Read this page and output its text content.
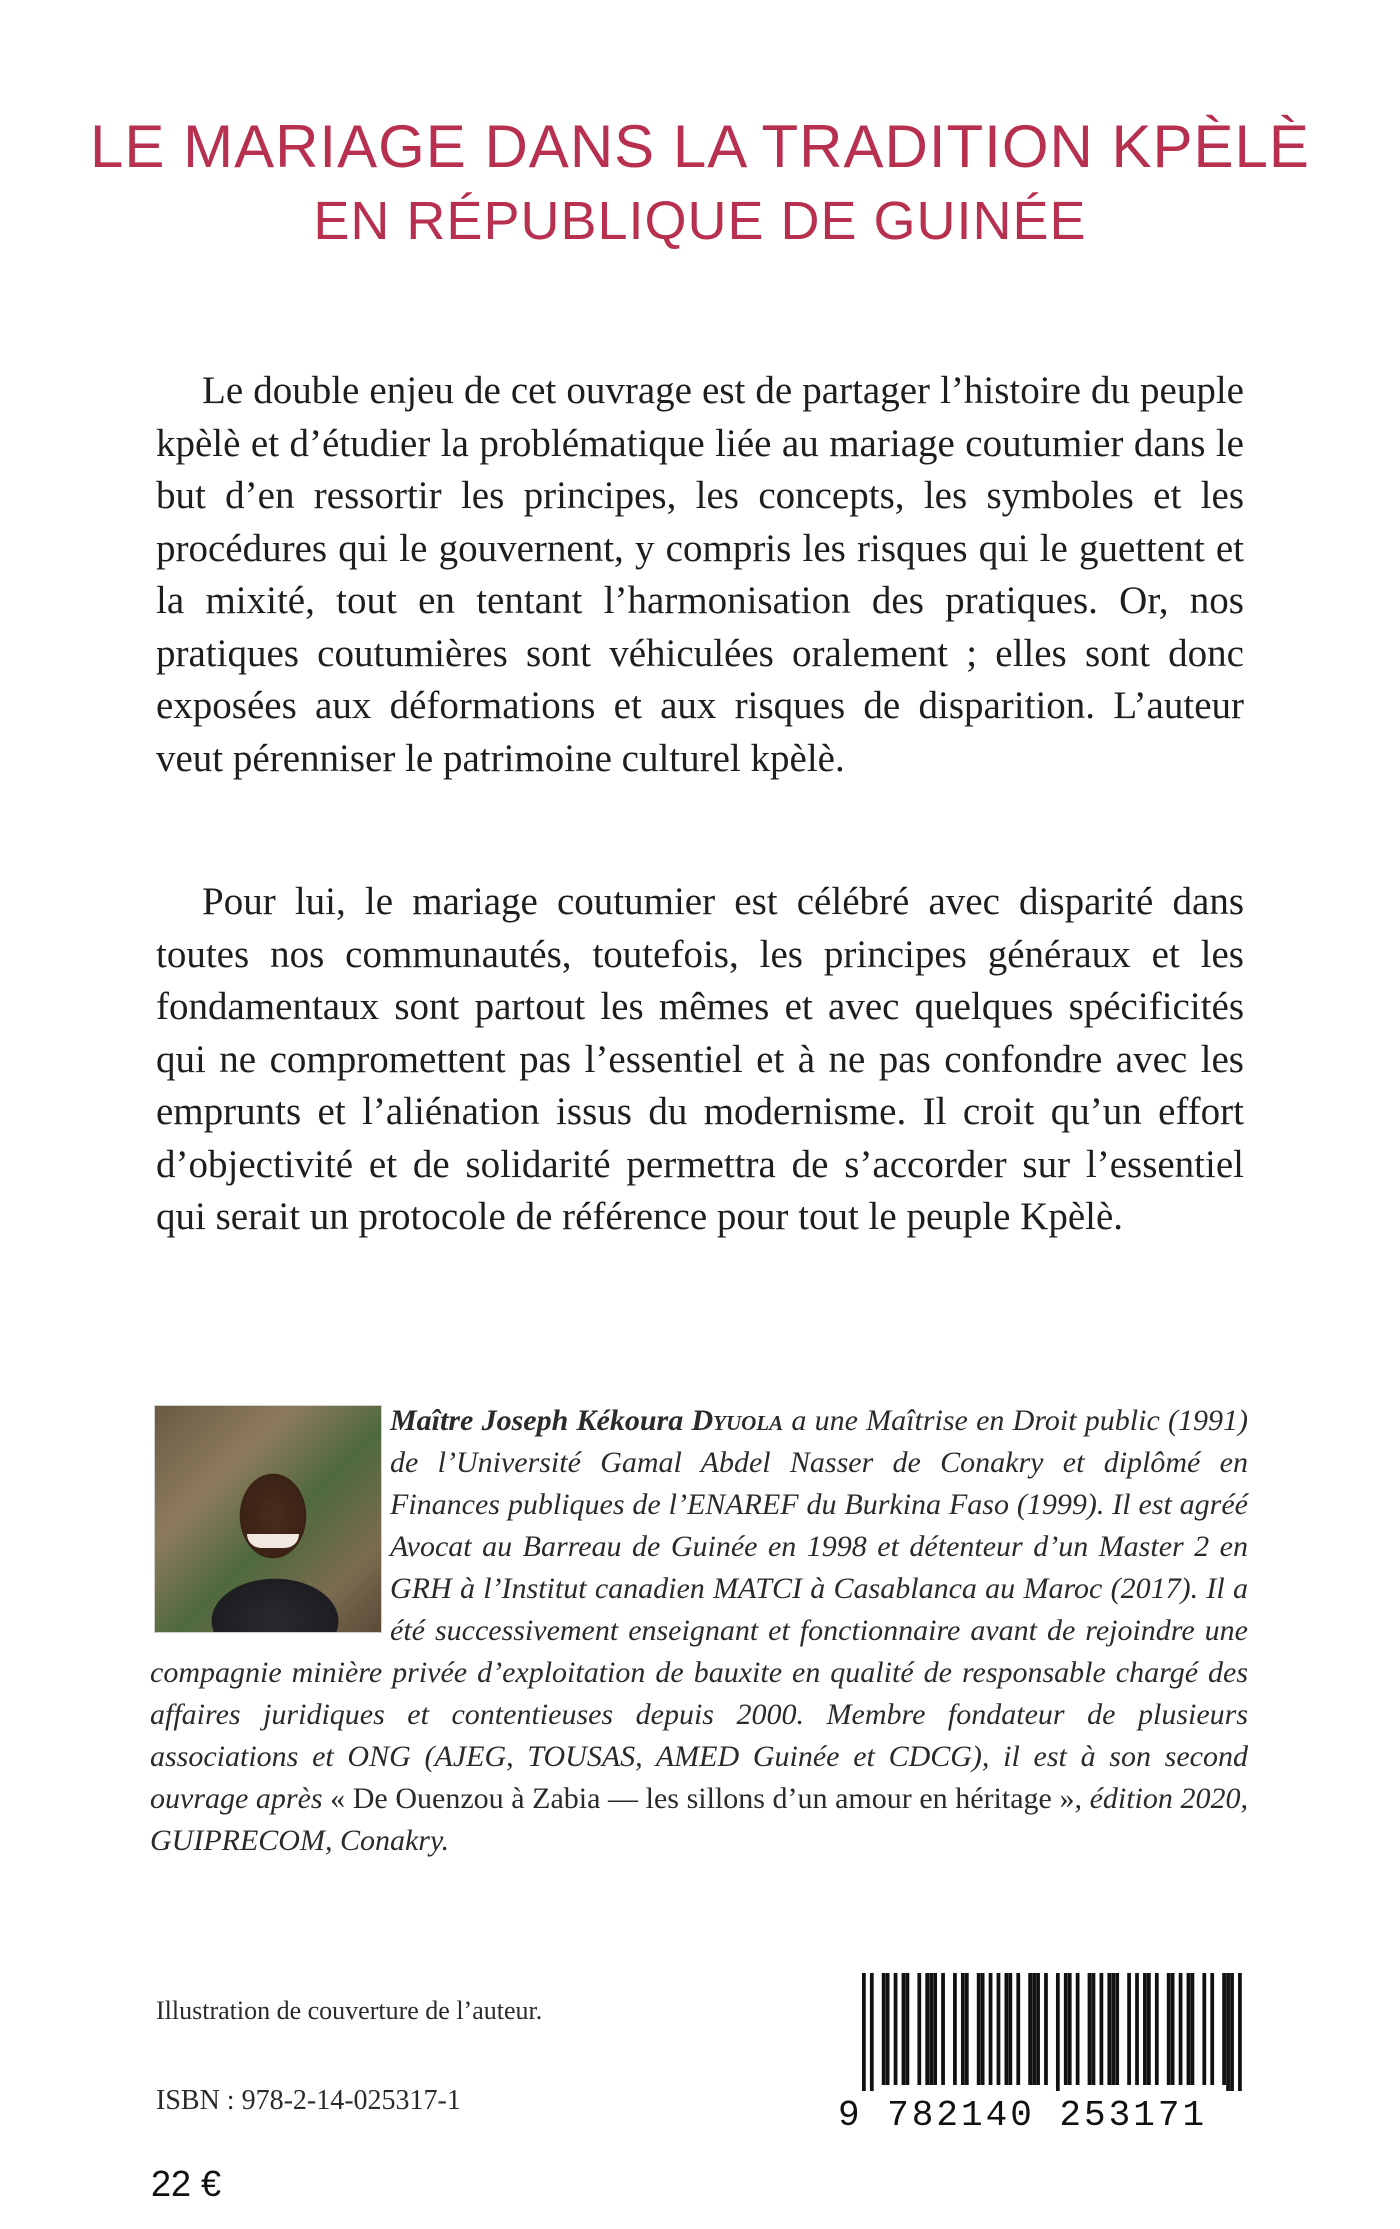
LE MARIAGE DANS LA TRADITION KPÈLÈ
EN RÉPUBLIQUE DE GUINÉE

Le double enjeu de cet ouvrage est de partager l’histoire du peuple kpèlè et d’étudier la problématique liée au mariage coutumier dans le but d’en ressortir les principes, les concepts, les symboles et les procédures qui le gouvernent, y compris les risques qui le guettent et la mixité, tout en tentant l’harmonisation des pratiques. Or, nos pratiques coutumières sont véhiculées oralement ; elles sont donc exposées aux déformations et aux risques de disparition. L’auteur veut pérenniser le patrimoine culturel kpèlè.

Pour lui, le mariage coutumier est célébré avec disparité dans toutes nos communautés, toutefois, les principes généraux et les fondamentaux sont partout les mêmes et avec quelques spécificités qui ne compromettent pas l’essentiel et à ne pas confondre avec les emprunts et l’aliénation issus du modernisme. Il croit qu’un effort d’objectivité et de solidarité permettra de s’accorder sur l’essentiel qui serait un protocole de référence pour tout le peuple Kpèlè.

Maître Joseph Kékoura Dyuola a une Maîtrise en Droit public (1991) de l’Université Gamal Abdel Nasser de Conakry et diplômé en Finances publiques de l’ENAREF du Burkina Faso (1999). Il est agréé Avocat au Barreau de Guinée en 1998 et détenteur d’un Master 2 en GRH à l’Institut canadien MATCI à Casablanca au Maroc (2017). Il a été successivement enseignant et fonctionnaire avant de rejoindre une compagnie minière privée d’exploitation de bauxite en qualité de responsable chargé des affaires juridiques et contentieuses depuis 2000. Membre fondateur de plusieurs associations et ONG (AJEG, TOUSAS, AMED Guinée et CDCG), il est à son second ouvrage après « De Ouenzou à Zabia — les sillons d’un amour en héritage », édition 2020, GUIPRECOM, Conakry.

Illustration de couverture de l’auteur.
ISBN : 978-2-14-025317-1
22 €
9 782140 253171
